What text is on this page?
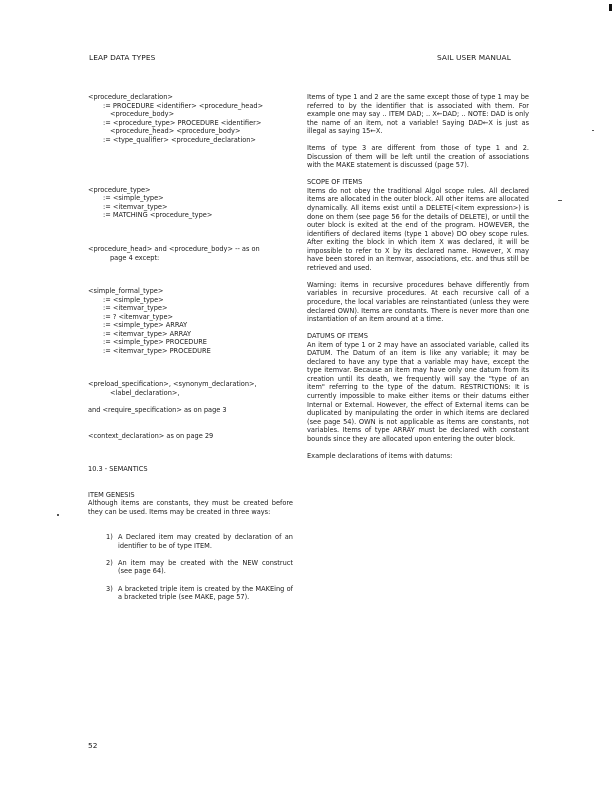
LEAP DATA TYPES	SAIL USER MANUAL
<procedure_declaration>
:= PROCEDURE <identifier> <procedure_head>
<procedure_body>
:= <procedure_type> PROCEDURE <identifier>
<procedure_head> <procedure_body>
:= <type_qualifier> <procedure_declaration>
<procedure_type>
:= <simple_type>
:= <itemvar_type>
:= MATCHING <procedure_type>
<procedure_head> and <procedure_body> -- as on
page 4 except:
<simple_formal_type>
:= <simple_type>
:= <itemvar_type>
:= ? <itemvar_type>
:= <simple_type> ARRAY
:= <itemvar_type> ARRAY
:= <simple_type> PROCEDURE
:= <itemvar_type> PROCEDURE
<preload_specification>, <synonym_declaration>,
<label_declaration>,
and <require_specification> as on page 3
<context_declaration> as on page 29
10.3 - SEMANTICS
ITEM GENESIS
Although items are constants, they must be created before they can be used. Items may be created in three ways:
1) A Declared item may created by declaration of an identifier to be of type ITEM.
2) An item may be created with the NEW construct (see page 64).
3) A bracketed triple item is created by the MAKEing of a bracketed triple (see MAKE, page 57).
Items of type 1 and 2 are the same except those of type 1 may be referred to by the identifier that is associated with them. For example one may say .. ITEM DAD; .. X←DAD; .. NOTE: DAD is only the name of an item, not a variable! Saying DAD←X is just as illegal as saying 15←X.
Items of type 3 are different from those of type 1 and 2. Discussion of them will be left until the creation of associations with the MAKE statement is discussed (page 57).
SCOPE OF ITEMS
Items do not obey the traditional Algol scope rules. All declared items are allocated in the outer block. All other items are allocated dynamically. All items exist until a DELETE(<item expression>) is done on them (see page 56 for the details of DELETE), or until the outer block is exited at the end of the program. HOWEVER, the identifiers of declared items (type 1 above) DO obey scope rules. After exiting the block in which item X was declared, it will be impossible to refer to X by its declared name. However, X may have been stored in an itemvar, associations, etc. and thus still be retrieved and used.
Warning: items in recursive procedures behave differently from variables in recursive procedures. At each recursive call of a procedure, the local variables are reinstantiated (unless they were declared OWN). Items are constants. There is never more than one instantiation of an item around at a time.
DATUMS OF ITEMS
An item of type 1 or 2 may have an associated variable, called its DATUM. The Datum of an item is like any variable; it may be declared to have any type that a variable may have, except the type itemvar. Because an item may have only one datum from its creation until its death, we frequently will say the "type of an item" referring to the type of the datum. RESTRICTIONS: It is currently impossible to make either items or their datums either Internal or External. However, the effect of External items can be duplicated by manipulating the order in which items are declared (see page 54). OWN is not applicable as items are constants, not variables. Items of type ARRAY must be declared with constant bounds since they are allocated upon entering the outer block.
Example declarations of items with datums:
52
